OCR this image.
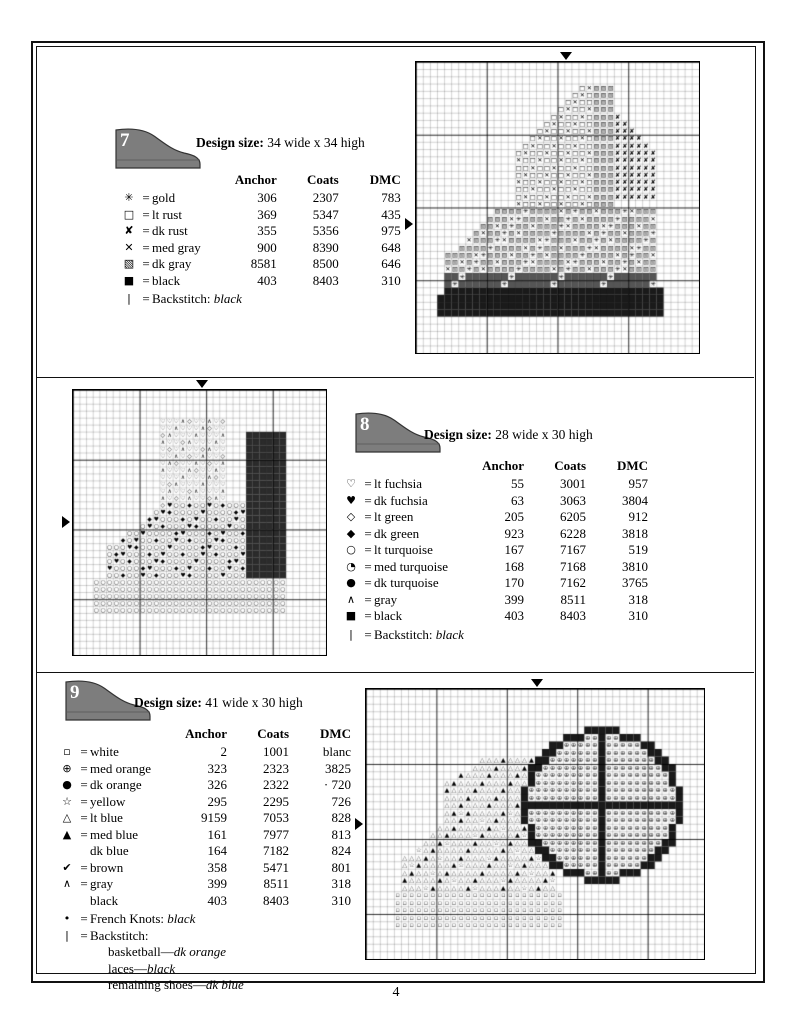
7	Design size: 34 wide x 34 high
			Anchor	Coats	DMC
✳	=	gold	306	2307	783
□	=	lt rust	369	5347	435
✘	=	dk rust	355	5356	975
✕	=	med gray	900	8390	648
▧	=	dk gray	8581	8500	646
■	=	black	403	8403	310
|	=	Backstitch: black			
8	Design size: 28 wide x 30 high
			Anchor	Coats	DMC
♡	=	lt fuchsia	55	3001	957
♥	=	dk fuchsia	63	3063	3804
◇	=	lt green	205	6205	912
◆	=	dk green	923	6228	3818
○	=	lt turquoise	167	7167	519
◔	=	med turquoise	168	7168	3810
●	=	dk turquoise	170	7162	3765
∧	=	gray	399	8511	318
■	=	black	403	8403	310
|	=	Backstitch: black			
9	Design size: 41 wide x 30 high
			Anchor	Coats	DMC
▫	=	white	2	1001	blanc
⊕	=	med orange	323	2323	3825
●	=	dk orange	326	2322	· 720
☆	=	yellow	295	2295	726
△	=	lt blue	9159	7053	828
▲	=	med blue	161	7977	813
		dk blue	164	7182	824
✔	=	brown	358	5471	801
∧	=	gray	399	8511	318
		black	403	8403	310
•	=	French Knots: black			
|	=	Backstitch:			
		basketball—dk orange			
		laces—black			
		remaining shoes—dk blue			
4
